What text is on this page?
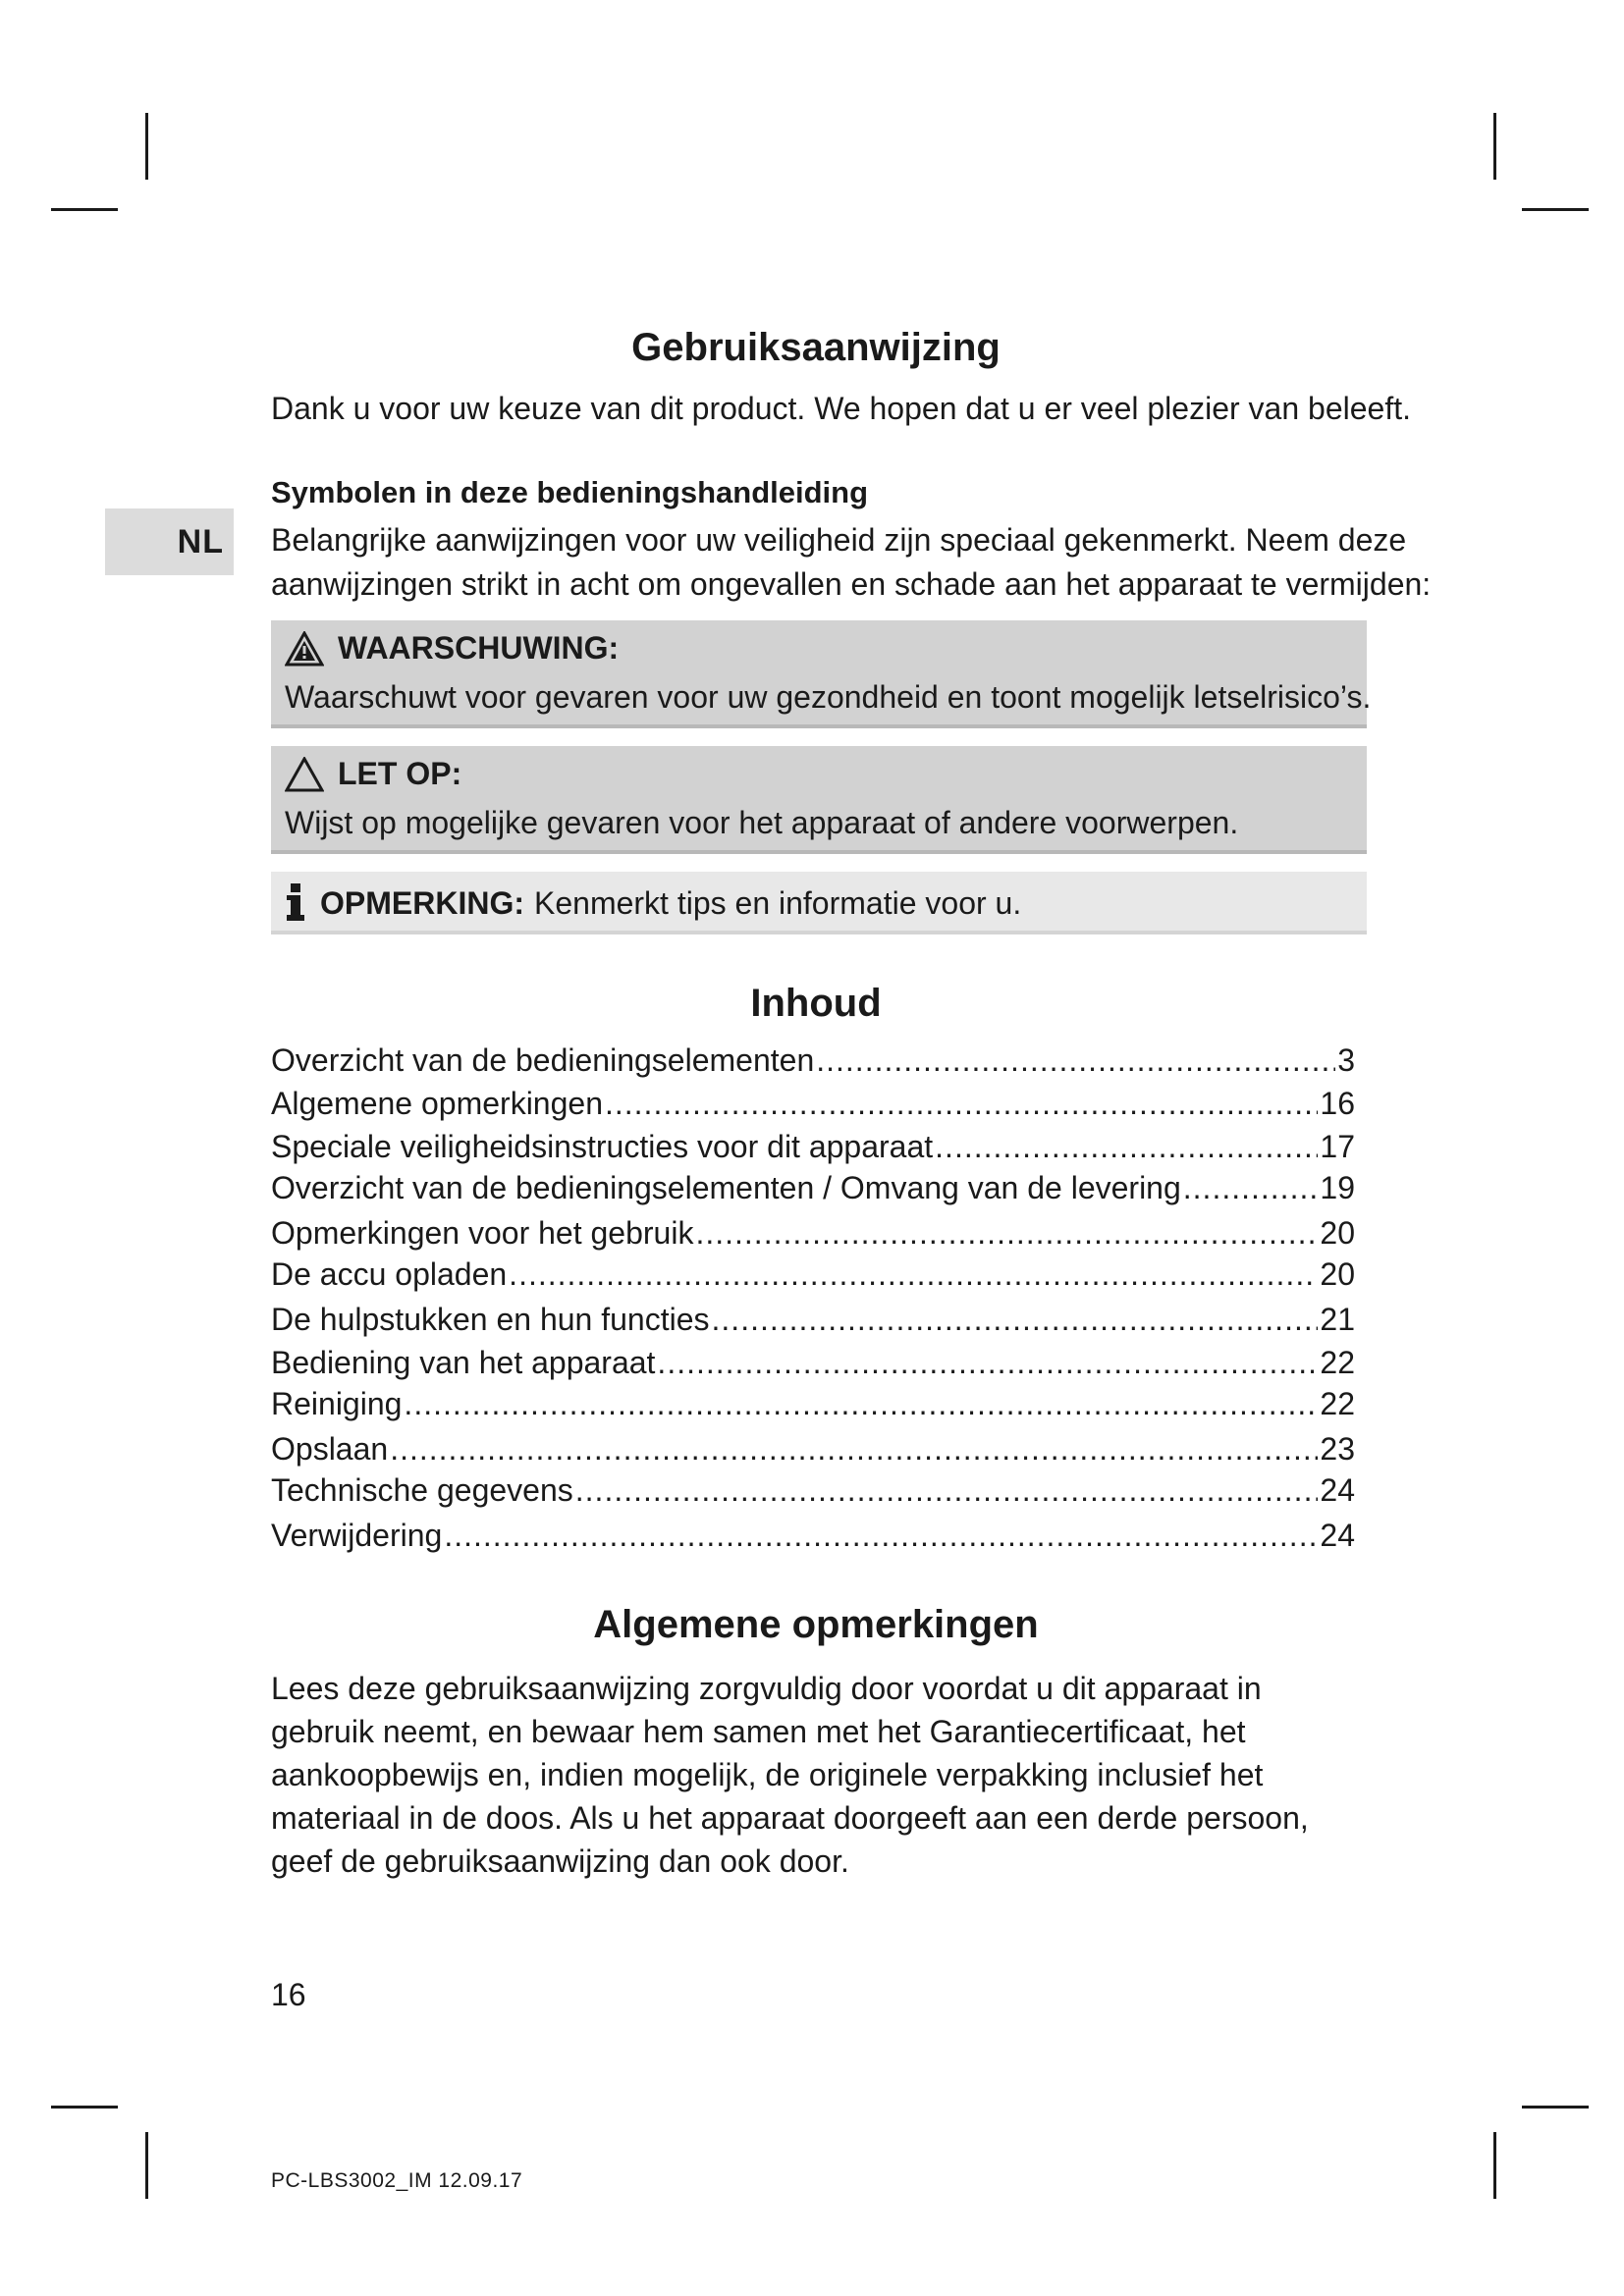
NL
Gebruiksaanwijzing
Dank u voor uw keuze van dit product. We hopen dat u er veel plezier van beleeft.
Symbolen in deze bedieningshandleiding
Belangrijke aanwijzingen voor uw veiligheid zijn speciaal gekenmerkt. Neem deze
aanwijzingen strikt in acht om ongevallen en schade aan het apparaat te vermijden:
WAARSCHUWING:
Waarschuwt voor gevaren voor uw gezondheid en toont mogelijk letselrisico’s.
LET OP:
Wijst op mogelijke gevaren voor het apparaat of andere voorwerpen.
OPMERKING: Kenmerkt tips en informatie voor u.
Inhoud
Overzicht van de bedieningselementen .....	3
Algemene opmerkingen .....	16
Speciale veiligheidsinstructies voor dit apparaat .....	17
Overzicht van de bedieningselementen / Omvang van de levering .....	19
Opmerkingen voor het gebruik .....	20
De accu opladen .....	20
De hulpstukken en hun functies .....	21
Bediening van het apparaat .....	22
Reiniging .....	22
Opslaan .....	23
Technische gegevens .....	24
Verwijdering .....	24
Algemene opmerkingen
Lees deze gebruiksaanwijzing zorgvuldig door voordat u dit apparaat in gebruik neemt, en bewaar hem samen met het Garantiecertificaat, het aankoopbewijs en, indien mogelijk, de originele verpakking inclusief het materiaal in de doos. Als u het apparaat doorgeeft aan een derde persoon, geef de gebruiksaanwijzing dan ook door.
16
PC-LBS3002_IM 12.09.17
